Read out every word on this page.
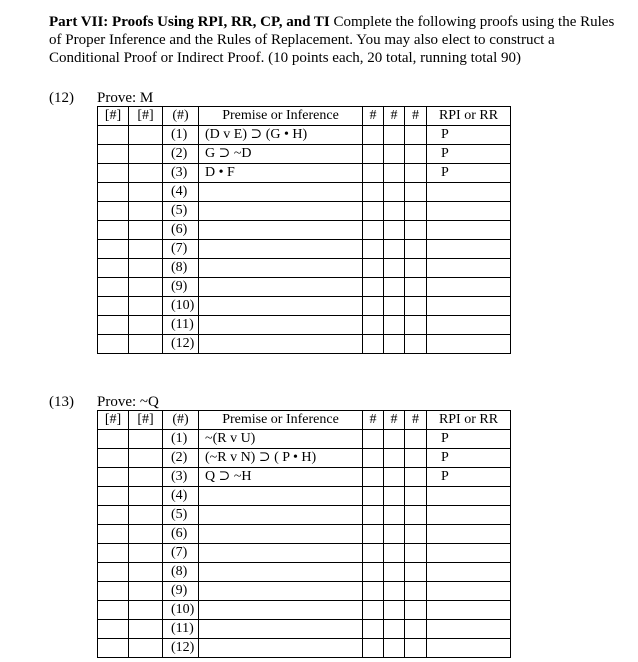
Part VII: Proofs Using RPI, RR, CP, and TI Complete the following proofs using the Rules of Proper Inference and the Rules of Replacement. You may also elect to construct a Conditional Proof or Indirect Proof. (10 points each, 20 total, running total 90)

(12) Prove: M
[#]	[#]	(#)	Premise or Inference	#	#	#	RPI or RR
		(1)	(D v E) ⊃ (G • H)				P
		(2)	G ⊃ ~D				P
		(3)	D • F				P
		(4)					
		(5)					
		(6)					
		(7)					
		(8)					
		(9)					
		(10)					
		(11)					
		(12)					
(13) Prove: ~Q
[#]	[#]	(#)	Premise or Inference	#	#	#	RPI or RR
		(1)	~(R v U)				P
		(2)	(~R v N) ⊃ ( P • H)				P
		(3)	Q ⊃ ~H				P
		(4)					
		(5)					
		(6)					
		(7)					
		(8)					
		(9)					
		(10)					
		(11)					
		(12)					
